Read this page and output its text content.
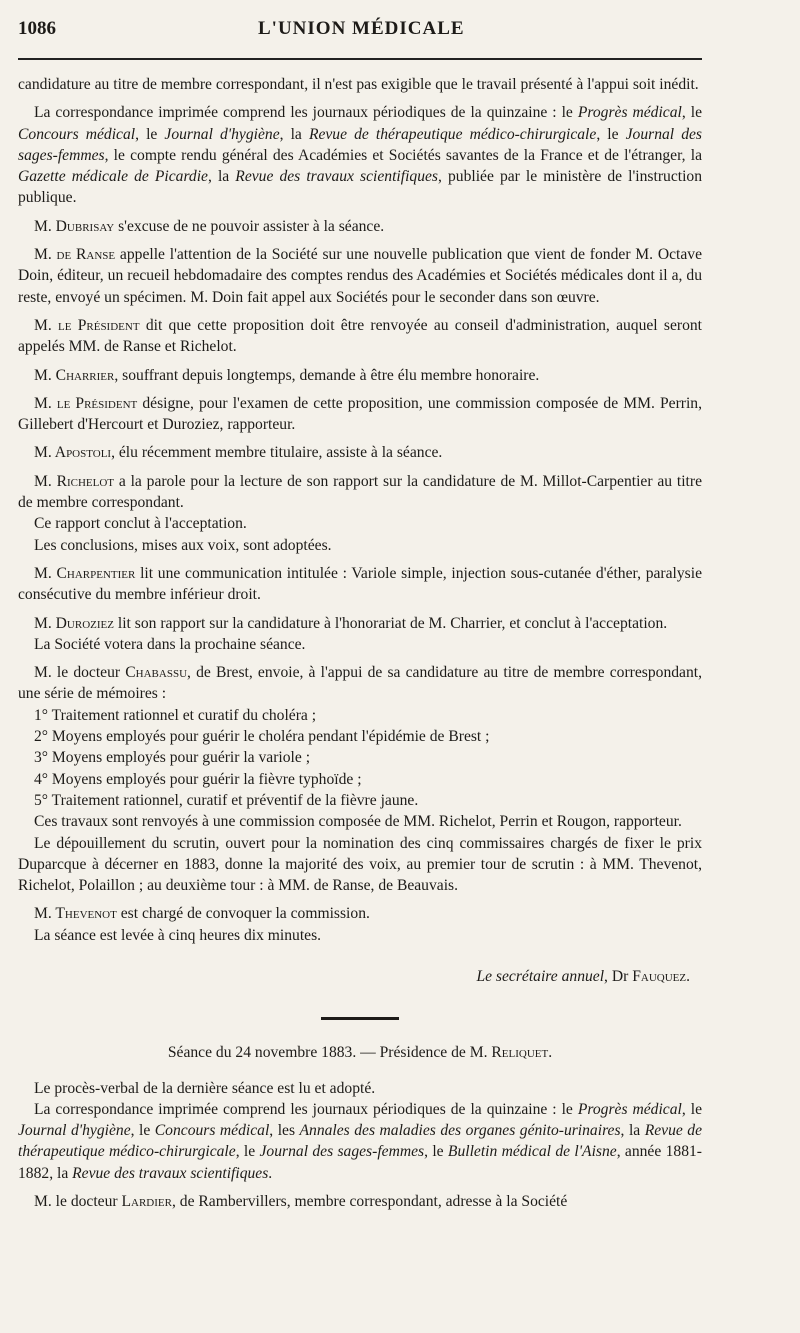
1086	L'UNION MÉDICALE

candidature au titre de membre correspondant, il n'est pas exigible que le travail présenté à l'appui soit inédit.

La correspondance imprimée comprend les journaux périodiques de la quinzaine : le Progrès médical, le Concours médical, le Journal d'hygiène, la Revue de thérapeutique médico-chirurgicale, le Journal des sages-femmes, le compte rendu général des Académies et Sociétés savantes de la France et de l'étranger, la Gazette médicale de Picardie, la Revue des travaux scientifiques, publiée par le ministère de l'instruction publique.

M. Dubrisay s'excuse de ne pouvoir assister à la séance.

M. de Ranse appelle l'attention de la Société sur une nouvelle publication que vient de fonder M. Octave Doin, éditeur, un recueil hebdomadaire des comptes rendus des Académies et Sociétés médicales dont il a, du reste, envoyé un spécimen. M. Doin fait appel aux Sociétés pour le seconder dans son œuvre.

M. le Président dit que cette proposition doit être renvoyée au conseil d'administration, auquel seront appelés MM. de Ranse et Richelot.

M. Charrier, souffrant depuis longtemps, demande à être élu membre honoraire.

M. le Président désigne, pour l'examen de cette proposition, une commission composée de MM. Perrin, Gillebert d'Hercourt et Duroziez, rapporteur.

M. Apostoli, élu récemment membre titulaire, assiste à la séance.

M. Richelot a la parole pour la lecture de son rapport sur la candidature de M. Millot-Carpentier au titre de membre correspondant.

Ce rapport conclut à l'acceptation.

Les conclusions, mises aux voix, sont adoptées.

M. Charpentier lit une communication intitulée : Variole simple, injection sous-cutanée d'éther, paralysie consécutive du membre inférieur droit.

M. Duroziez lit son rapport sur la candidature à l'honorariat de M. Charrier, et conclut à l'acceptation.

La Société votera dans la prochaine séance.

M. le docteur Chabassu, de Brest, envoie, à l'appui de sa candidature au titre de membre correspondant, une série de mémoires :

1° Traitement rationnel et curatif du choléra ;

2° Moyens employés pour guérir le choléra pendant l'épidémie de Brest ;

3° Moyens employés pour guérir la variole ;

4° Moyens employés pour guérir la fièvre typhoïde ;

5° Traitement rationnel, curatif et préventif de la fièvre jaune.

Ces travaux sont renvoyés à une commission composée de MM. Richelot, Perrin et Rougon, rapporteur.

Le dépouillement du scrutin, ouvert pour la nomination des cinq commissaires chargés de fixer le prix Duparcque à décerner en 1883, donne la majorité des voix, au premier tour de scrutin : à MM. Thevenot, Richelot, Polaillon ; au deuxième tour : à MM. de Ranse, de Beauvais.

M. Thevenot est chargé de convoquer la commission.

La séance est levée à cinq heures dix minutes.

Le secrétaire annuel, Dr Fauquez.

Séance du 24 novembre 1883. — Présidence de M. Reliquet.

Le procès-verbal de la dernière séance est lu et adopté.

La correspondance imprimée comprend les journaux périodiques de la quinzaine : le Progrès médical, le Journal d'hygiène, le Concours médical, les Annales des maladies des organes génito-urinaires, la Revue de thérapeutique médico-chirurgicale, le Journal des sages-femmes, le Bulletin médical de l'Aisne, année 1881-1882, la Revue des travaux scientifiques.

M. le docteur Lardier, de Rambervillers, membre correspondant, adresse à la Société
